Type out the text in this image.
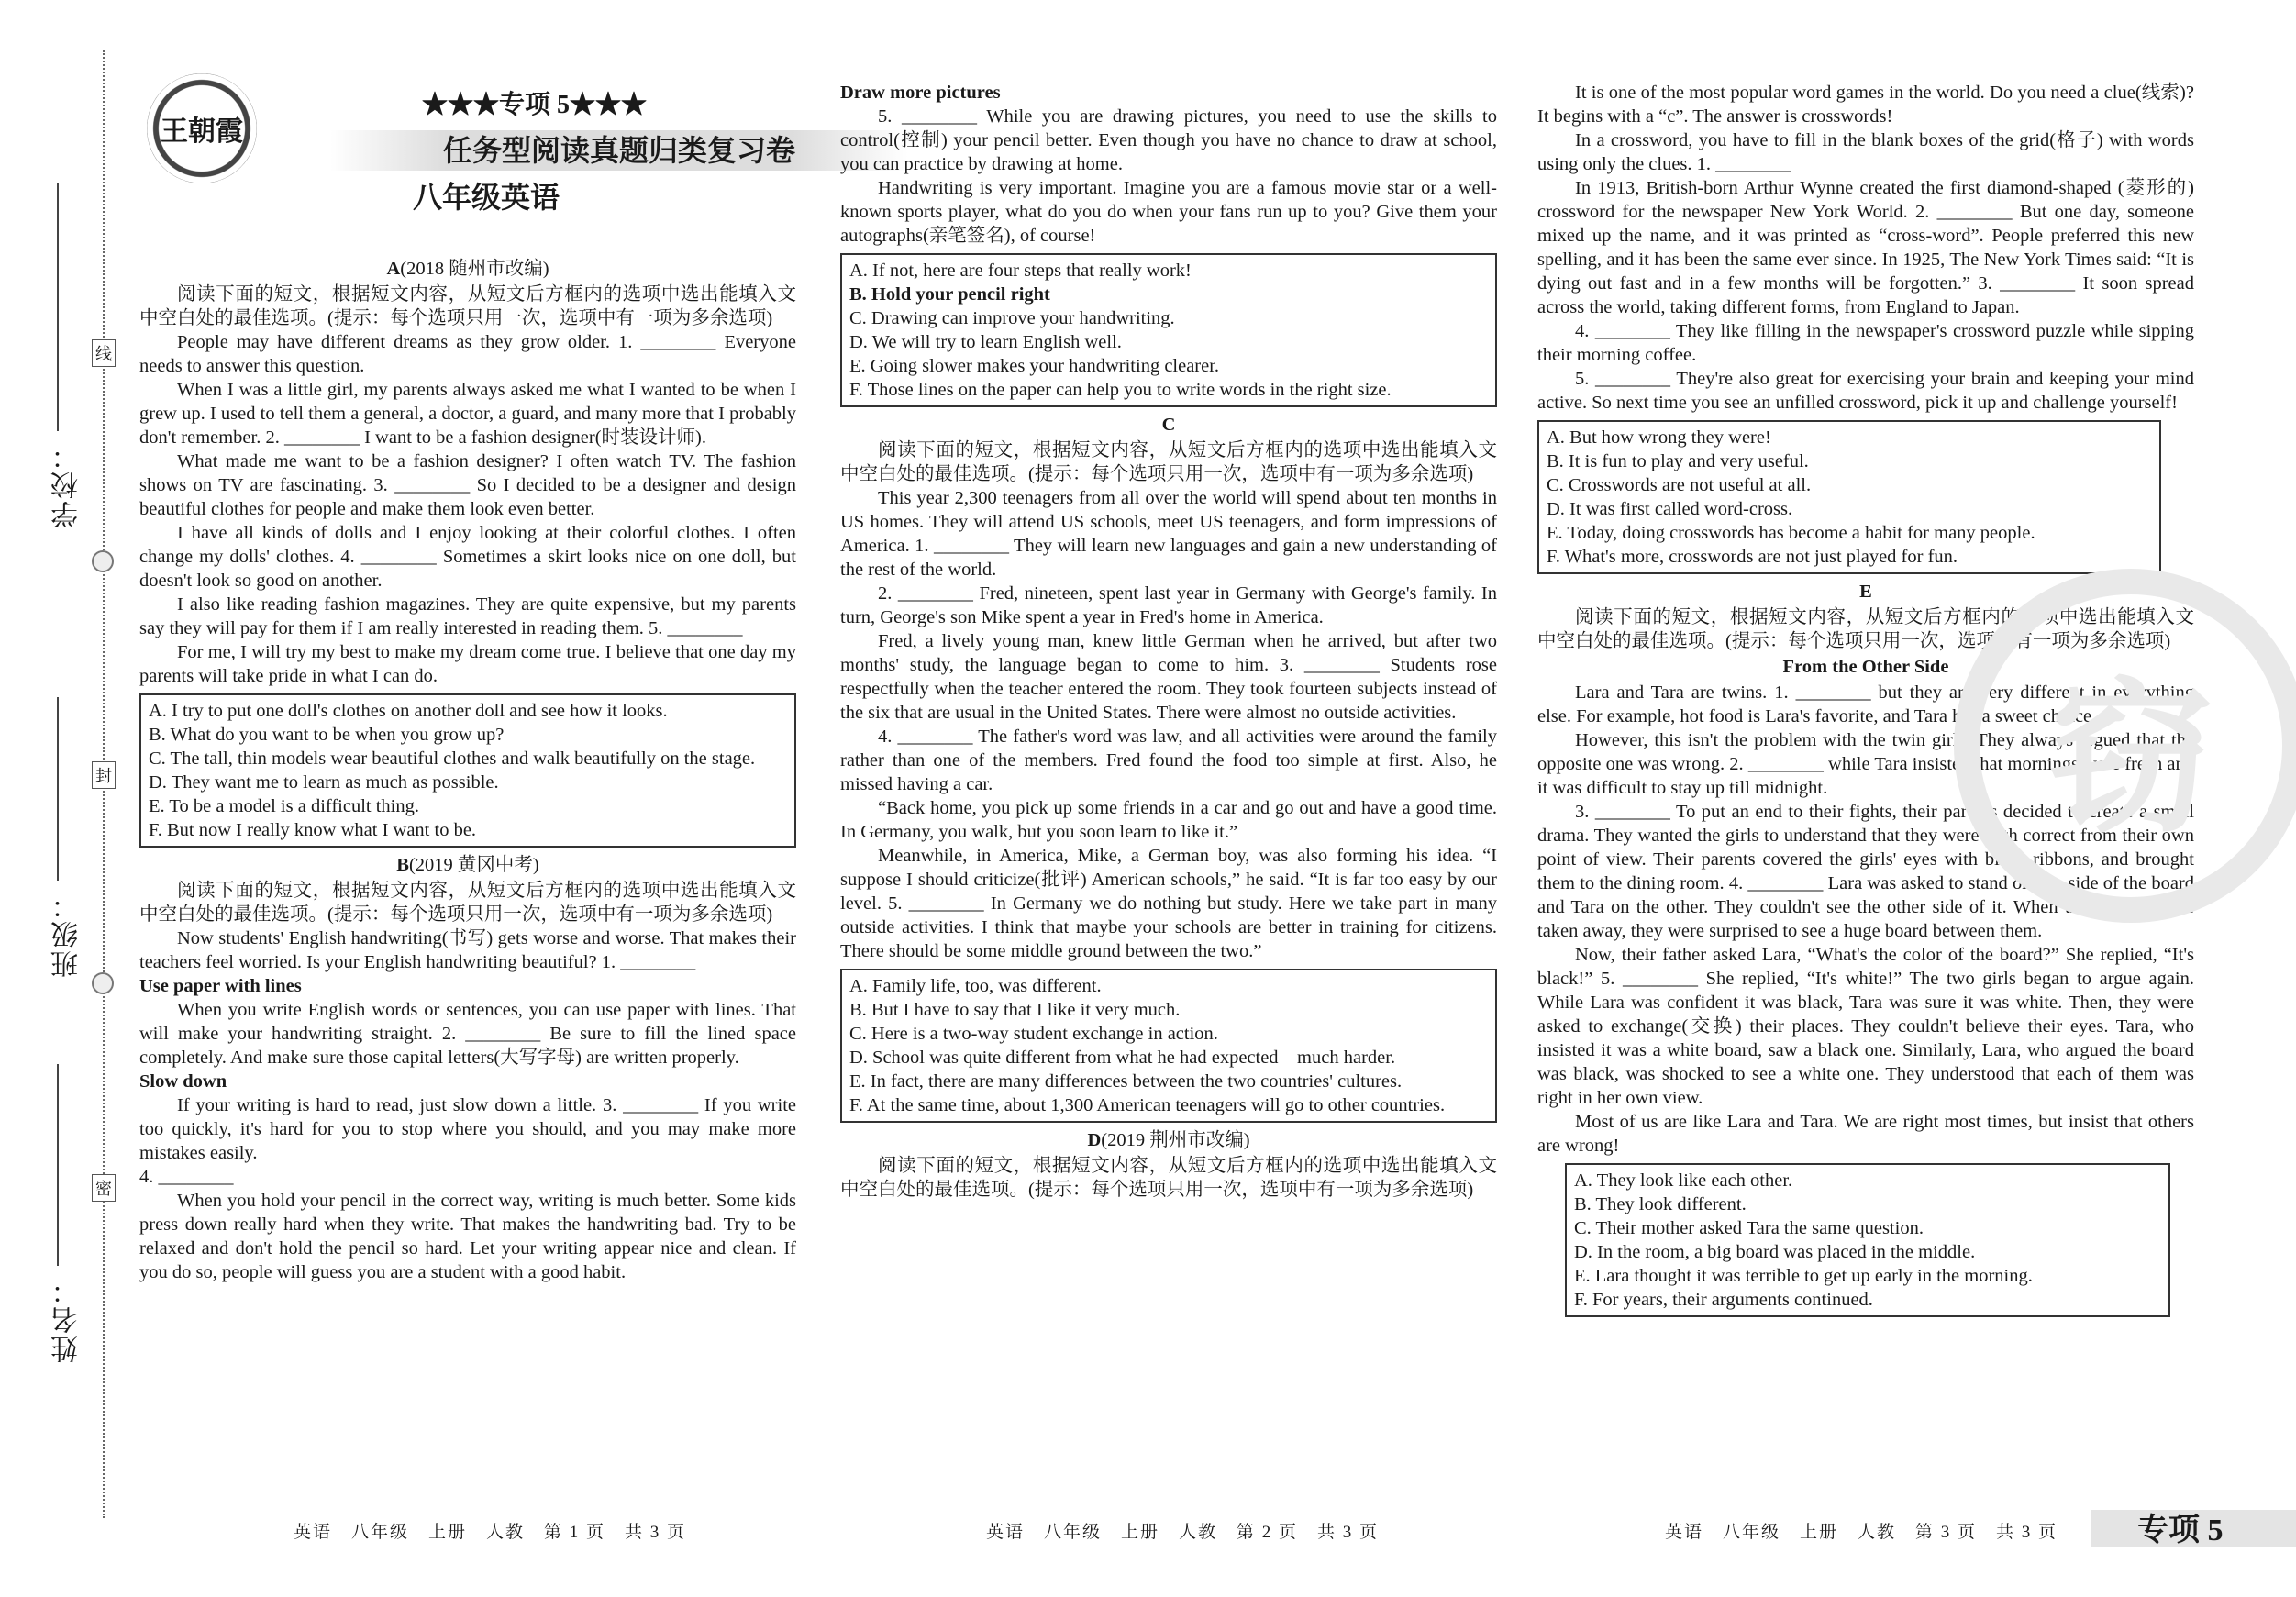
学校：
班级：
姓名：
线
封
密
王朝霞
★★★专项 5★★★
任务型阅读真题归类复习卷
八年级英语
A(2018 随州市改编)

阅读下面的短文，根据短文内容，从短文后方框内的选项中选出能填入文中空白处的最佳选项。(提示：每个选项只用一次，选项中有一项为多余选项)

People may have different dreams as they grow older. 1. ________ Everyone needs to answer this question.

When I was a little girl, my parents always asked me what I wanted to be when I grew up. I used to tell them a general, a doctor, a guard, and many more that I probably don't remember. 2. ________ I want to be a fashion designer(时装设计师).

What made me want to be a fashion designer? I often watch TV. The fashion shows on TV are fascinating. 3. ________ So I decided to be a designer and design beautiful clothes for people and make them look even better.

I have all kinds of dolls and I enjoy looking at their colorful clothes. I often change my dolls' clothes. 4. ________ Sometimes a skirt looks nice on one doll, but doesn't look so good on another.

I also like reading fashion magazines. They are quite expensive, but my parents say they will pay for them if I am really interested in reading them. 5. ________

For me, I will try my best to make my dream come true. I believe that one day my parents will take pride in what I can do.

A. I try to put one doll's clothes on another doll and see how it looks.
B. What do you want to be when you grow up?
C. The tall, thin models wear beautiful clothes and walk beautifully on the stage.
D. They want me to learn as much as possible.
E. To be a model is a difficult thing.
F. But now I really know what I want to be.
B(2019 黄冈中考)

阅读下面的短文，根据短文内容，从短文后方框内的选项中选出能填入文中空白处的最佳选项。(提示：每个选项只用一次，选项中有一项为多余选项)

Now students' English handwriting(书写) gets worse and worse. That makes their teachers feel worried. Is your English handwriting beautiful? 1. ________

Use paper with lines

When you write English words or sentences, you can use paper with lines. That will make your handwriting straight. 2. ________ Be sure to fill the lined space completely. And make sure those capital letters(大写字母) are written properly.

Slow down

If your writing is hard to read, just slow down a little. 3. ________ If you write too quickly, it's hard for you to stop where you should, and you may make more mistakes easily.

4. ________

When you hold your pencil in the correct way, writing is much better. Some kids press down really hard when they write. That makes the handwriting bad. Try to be relaxed and don't hold the pencil so hard. Let your writing appear nice and clean. If you do so, people will guess you are a student with a good habit.

Draw more pictures

5. ________ While you are drawing pictures, you need to use the skills to control(控制) your pencil better. Even though you have no chance to draw at school, you can practice by drawing at home.

Handwriting is very important. Imagine you are a famous movie star or a well-known sports player, what do you do when your fans run up to you? Give them your autographs(亲笔签名), of course!

A. If not, here are four steps that really work!
B. Hold your pencil right
C. Drawing can improve your handwriting.
D. We will try to learn English well.
E. Going slower makes your handwriting clearer.
F. Those lines on the paper can help you to write words in the right size.
C

阅读下面的短文，根据短文内容，从短文后方框内的选项中选出能填入文中空白处的最佳选项。(提示：每个选项只用一次，选项中有一项为多余选项)

This year 2,300 teenagers from all over the world will spend about ten months in US homes. They will attend US schools, meet US teenagers, and form impressions of America. 1. ________ They will learn new languages and gain a new understanding of the rest of the world.

2. ________ Fred, nineteen, spent last year in Germany with George's family. In turn, George's son Mike spent a year in Fred's home in America.

Fred, a lively young man, knew little German when he arrived, but after two months' study, the language began to come to him. 3. ________ Students rose respectfully when the teacher entered the room. They took fourteen subjects instead of the six that are usual in the United States. There were almost no outside activities.

4. ________ The father's word was law, and all activities were around the family rather than one of the members. Fred found the food too simple at first. Also, he missed having a car.

“Back home, you pick up some friends in a car and go out and have a good time. In Germany, you walk, but you soon learn to like it.”

Meanwhile, in America, Mike, a German boy, was also forming his idea. “I suppose I should criticize(批评) American schools,” he said. “It is far too easy by our level. 5. ________ In Germany we do nothing but study. Here we take part in many outside activities. I think that maybe your schools are better in training for citizens. There should be some middle ground between the two.”

A. Family life, too, was different.
B. But I have to say that I like it very much.
C. Here is a two-way student exchange in action.
D. School was quite different from what he had expected—much harder.
E. In fact, there are many differences between the two countries' cultures.
F. At the same time, about 1,300 American teenagers will go to other countries.
D(2019 荆州市改编)

阅读下面的短文，根据短文内容，从短文后方框内的选项中选出能填入文中空白处的最佳选项。(提示：每个选项只用一次，选项中有一项为多余选项)

It is one of the most popular word games in the world. Do you need a clue(线索)? It begins with a “c”. The answer is crosswords!

In a crossword, you have to fill in the blank boxes of the grid(格子) with words using only the clues. 1. ________

In 1913, British-born Arthur Wynne created the first diamond-shaped (菱形的) crossword for the newspaper New York World. 2. ________ But one day, someone mixed up the name, and it was printed as “cross-word”. People preferred this new spelling, and it has been the same ever since. In 1925, The New York Times said: “It is dying out fast and in a few months will be forgotten.” 3. ________ It soon spread across the world, taking different forms, from England to Japan.

4. ________ They like filling in the newspaper's crossword puzzle while sipping their morning coffee.

5. ________ They're also great for exercising your brain and keeping your mind active. So next time you see an unfilled crossword, pick it up and challenge yourself!

A. But how wrong they were!
B. It is fun to play and very useful.
C. Crosswords are not useful at all.
D. It was first called word-cross.
E. Today, doing crosswords has become a habit for many people.
F. What's more, crosswords are not just played for fun.
E

阅读下面的短文，根据短文内容，从短文后方框内的选项中选出能填入文中空白处的最佳选项。(提示：每个选项只用一次，选项中有一项为多余选项)

From the Other Side

Lara and Tara are twins. 1. ________ but they are very different in everything else. For example, hot food is Lara's favorite, and Tara has a sweet choice.

However, this isn't the problem with the twin girls. They always argued that the opposite one was wrong. 2. ________ while Tara insisted that mornings were fresh and it was difficult to stay up till midnight.

3. ________ To put an end to their fights, their parents decided to create a small drama. They wanted the girls to understand that they were both correct from their own point of view. Their parents covered the girls' eyes with black ribbons, and brought them to the dining room. 4. ________ Lara was asked to stand on one side of the board and Tara on the other. They couldn't see the other side of it. When the ribbons were taken away, they were surprised to see a huge board between them.

Now, their father asked Lara, “What's the color of the board?” She replied, “It's black!” 5. ________ She replied, “It's white!” The two girls began to argue again. While Lara was confident it was black, Tara was sure it was white. Then, they were asked to exchange(交换) their places. They couldn't believe their eyes. Tara, who insisted it was a white board, saw a black one. Similarly, Lara, who argued the board was black, was shocked to see a white one. They understood that each of them was right in her own view.

Most of us are like Lara and Tara. We are right most times, but insist that others are wrong!

A. They look like each other.
B. They look different.
C. Their mother asked Tara the same question.
D. In the room, a big board was placed in the middle.
E. Lara thought it was terrible to get up early in the morning.
F. For years, their arguments continued.
窃
英语　八年级　上册　人教　第 1 页　共 3 页	英语　八年级　上册　人教　第 2 页　共 3 页	英语　八年级　上册　人教　第 3 页　共 3 页	专项 5
